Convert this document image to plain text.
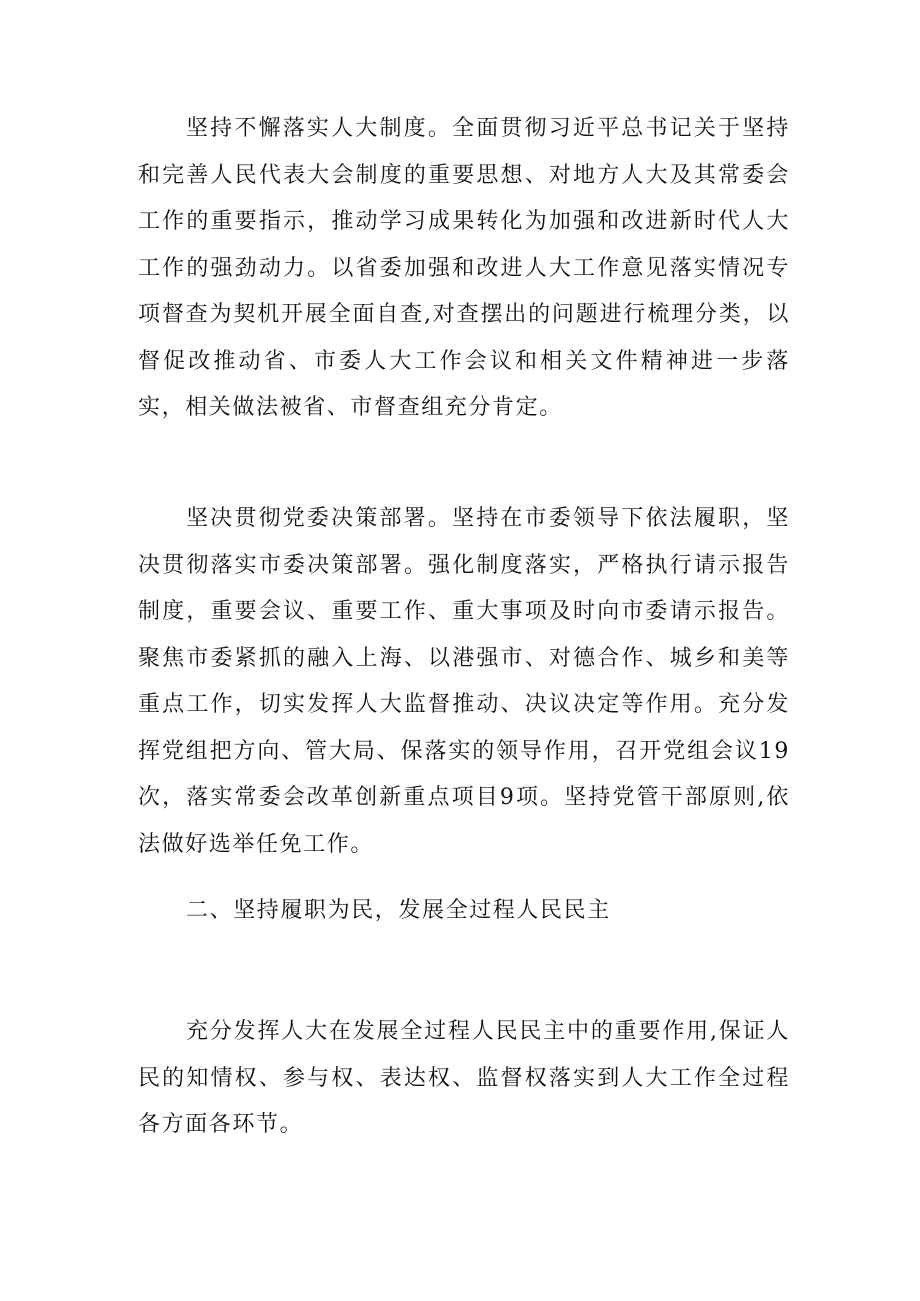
坚持不懈落实人大制度。全面贯彻习近平总书记关于坚持和完善人民代表大会制度的重要思想、对地方人大及其常委会工作的重要指示，推动学习成果转化为加强和改进新时代人大工作的强劲动力。以省委加强和改进人大工作意见落实情况专项督查为契机开展全面自查,对查摆出的问题进行梳理分类，以督促改推动省、市委人大工作会议和相关文件精神进一步落实，相关做法被省、市督查组充分肯定。

坚决贯彻党委决策部署。坚持在市委领导下依法履职，坚决贯彻落实市委决策部署。强化制度落实，严格执行请示报告制度，重要会议、重要工作、重大事项及时向市委请示报告。聚焦市委紧抓的融入上海、以港强市、对德合作、城乡和美等重点工作，切实发挥人大监督推动、决议决定等作用。充分发挥党组把方向、管大局、保落实的领导作用，召开党组会议19次，落实常委会改革创新重点项目9项。坚持党管干部原则,依法做好选举任免工作。

二、坚持履职为民，发展全过程人民民主

充分发挥人大在发展全过程人民民主中的重要作用,保证人民的知情权、参与权、表达权、监督权落实到人大工作全过程各方面各环节。
